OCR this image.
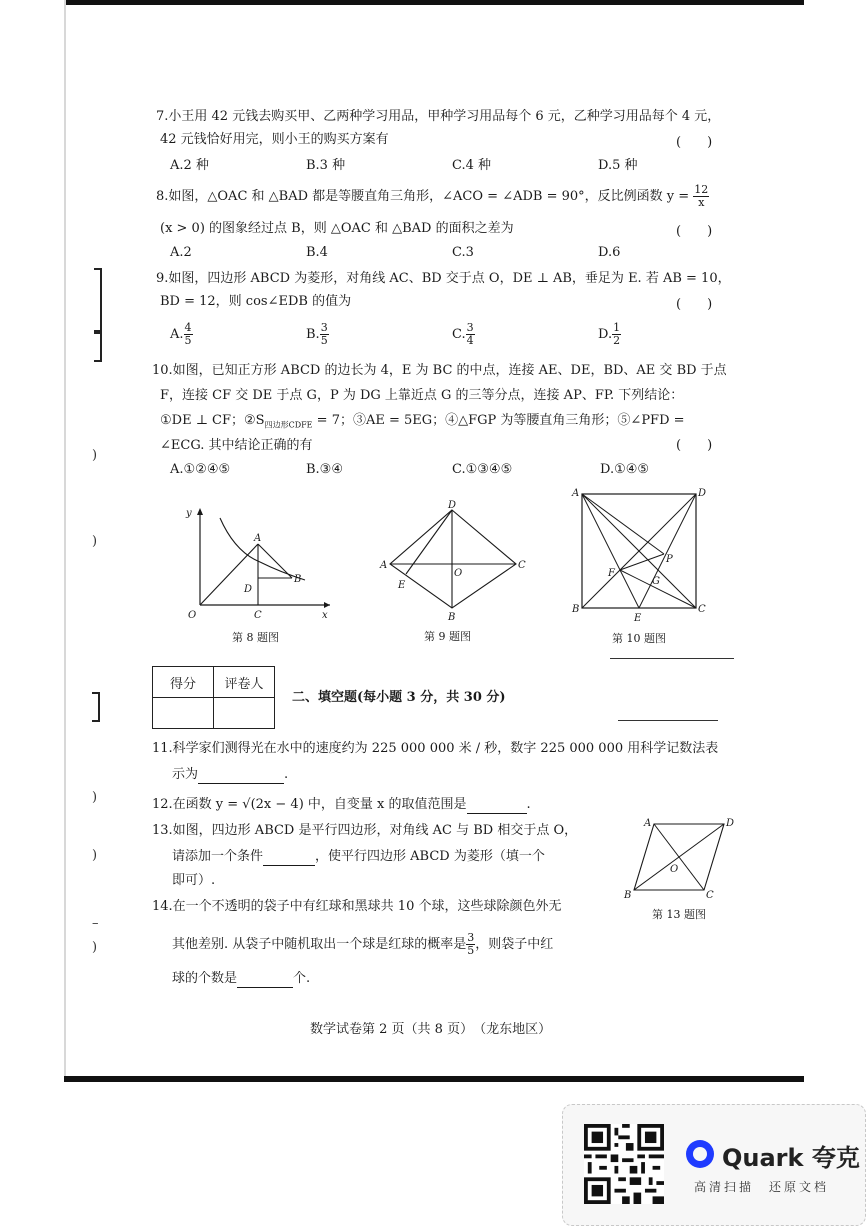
)
)
)
)
)
–
7.小王用 42 元钱去购买甲、乙两种学习用品，甲种学习用品每个 6 元，乙种学习用品每个 4 元，
42 元钱恰好用完，则小王的购买方案有	(　　)
A.2 种	B.3 种	C.4 种	D.5 种
8.如图，△OAC 和 △BAD 都是等腰直角三角形，∠ACO = ∠ADB = 90°，反比例函数 $y = \frac{12}{x}$
(x > 0) 的图象经过点 B，则 △OAC 和 △BAD 的面积之差为	(　　)
A.2	B.4	C.3	D.6
9.如图，四边形 ABCD 为菱形，对角线 AC、BD 交于点 O，DE ⊥ AB，垂足为 E. 若 AB = 10，
BD = 12，则 cos∠EDB 的值为	(　　)
A. $\frac{4}{5}$	B. $\frac{3}{5}$	C. $\frac{3}{4}$	D. $\frac{1}{2}$
10.如图，已知正方形 ABCD 的边长为 4，E 为 BC 的中点，连接 AE、DE，BD、AE 交 BD 于点
F，连接 CF 交 DE 于点 G，P 为 DG 上靠近点 G 的三等分点，连接 AP、FP. 下列结论：
①DE ⊥ CF；$②S_{四边形CDFE} = 7$；③AE = 5EG；④△FGP 为等腰直角三角形；⑤∠PFD =
∠ECG. 其中结论正确的有	(　　)
A.①②④⑤	B.③④	C.①③④⑤	D.①④⑤
y
A
D
B
O	C	x
第 8 题图
D
A
E
O
C
B
第 9 题图
A	D
P
F
G
B
E
C
第 10 题图
得分	评卷人

二、填空题(每小题 3 分，共 30 分)
11.科学家们测得光在水中的速度约为 225 000 000 米 / 秒，数字 225 000 000 用科学记数法表
示为	.
12.在函数 y = √(2x − 4) 中，自变量 x 的取值范围是	.
13.如图，四边形 ABCD 是平行四边形，对角线 AC 与 BD 相交于点 O，
请添加一个条件	，使平行四边形 ABCD 为菱形（填一个
即可）.
A	D
O
B	C
第 13 题图
14.在一个不透明的袋子中有红球和黑球共 10 个球，这些球除颜色外无
其他差别. 从袋子中随机取出一个球是红球的概率是 $\frac{3}{5}$ ，则袋子中红
球的个数是	个.
数学试卷第 2 页（共 8 页）　（龙东地区）
Quark 夸克
高清扫描　还原文档
